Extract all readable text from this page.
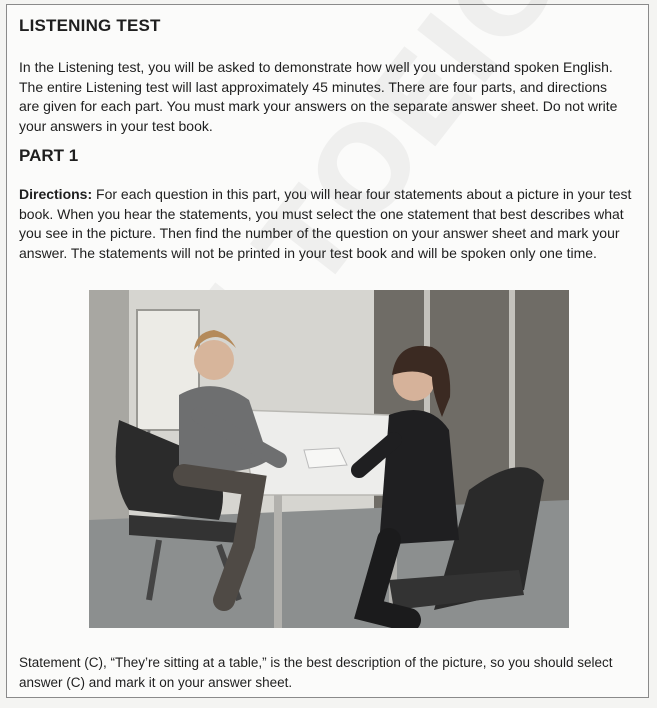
LISTENING TEST
In the Listening test, you will be asked to demonstrate how well you understand spoken English. The entire Listening test will last approximately 45 minutes. There are four parts, and directions are given for each part. You must mark your answers on the separate answer sheet. Do not write your answers in your test book.
PART 1
Directions: For each question in this part, you will hear four statements about a picture in your test book. When you hear the statements, you must select the one statement that best describes what you see in the picture. Then find the number of the question on your answer sheet and mark your answer. The statements will not be printed in your test book and will be spoken only one time.
Statement (C), “They’re sitting at a table,” is the best description of the picture, so you should select answer (C) and mark it on your answer sheet.
